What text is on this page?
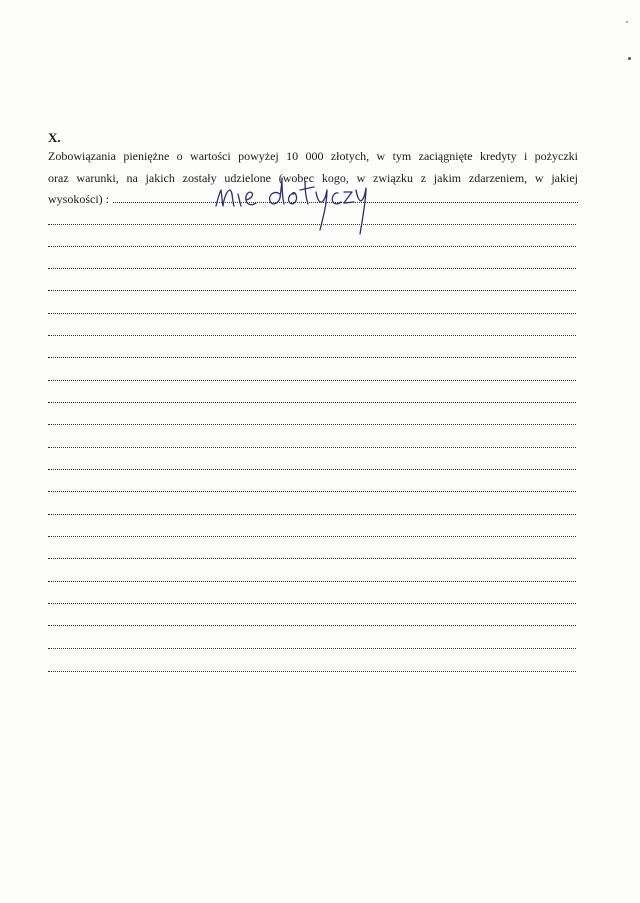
X.

Zobowiązania pieniężne o wartości powyżej 10 000 złotych, w tym zaciągnięte kredyty i pożyczki

oraz warunki, na jakich zostały udzielone (wobec kogo, w związku z jakim zdarzeniem, w jakiej

wysokości) :
